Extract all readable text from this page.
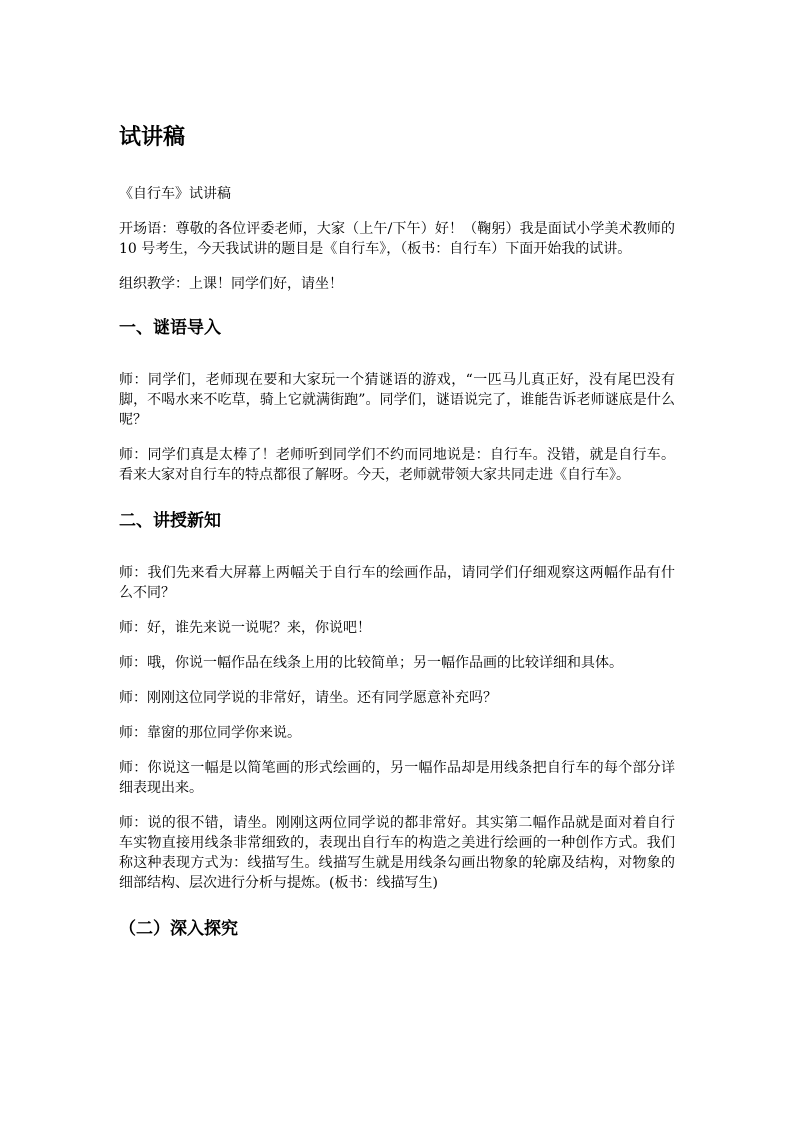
试讲稿

《自行车》试讲稿

开场语：尊敬的各位评委老师，大家（上午/下午）好！（鞠躬）我是面试小学美术教师的 10 号考生，今天我试讲的题目是《自行车》，（板书：自行车）下面开始我的试讲。

组织教学：上课！同学们好，请坐！

一、谜语导入

师：同学们，老师现在要和大家玩一个猜谜语的游戏，“一匹马儿真正好，没有尾巴没有脚，不喝水来不吃草，骑上它就满街跑”。同学们，谜语说完了，谁能告诉老师谜底是什么呢？

师：同学们真是太棒了！老师听到同学们不约而同地说是：自行车。没错，就是自行车。看来大家对自行车的特点都很了解呀。今天，老师就带领大家共同走进《自行车》。

二、讲授新知

师：我们先来看大屏幕上两幅关于自行车的绘画作品，请同学们仔细观察这两幅作品有什么不同？

师：好，谁先来说一说呢？来，你说吧！

师：哦，你说一幅作品在线条上用的比较简单；另一幅作品画的比较详细和具体。

师：刚刚这位同学说的非常好，请坐。还有同学愿意补充吗？

师：靠窗的那位同学你来说。

师：你说这一幅是以简笔画的形式绘画的，另一幅作品却是用线条把自行车的每个部分详细表现出来。

师：说的很不错，请坐。刚刚这两位同学说的都非常好。其实第二幅作品就是面对着自行车实物直接用线条非常细致的，表现出自行车的构造之美进行绘画的一种创作方式。我们称这种表现方式为：线描写生。线描写生就是用线条勾画出物象的轮廓及结构，对物象的细部结构、层次进行分析与提炼。(板书：线描写生)

（二）深入探究
